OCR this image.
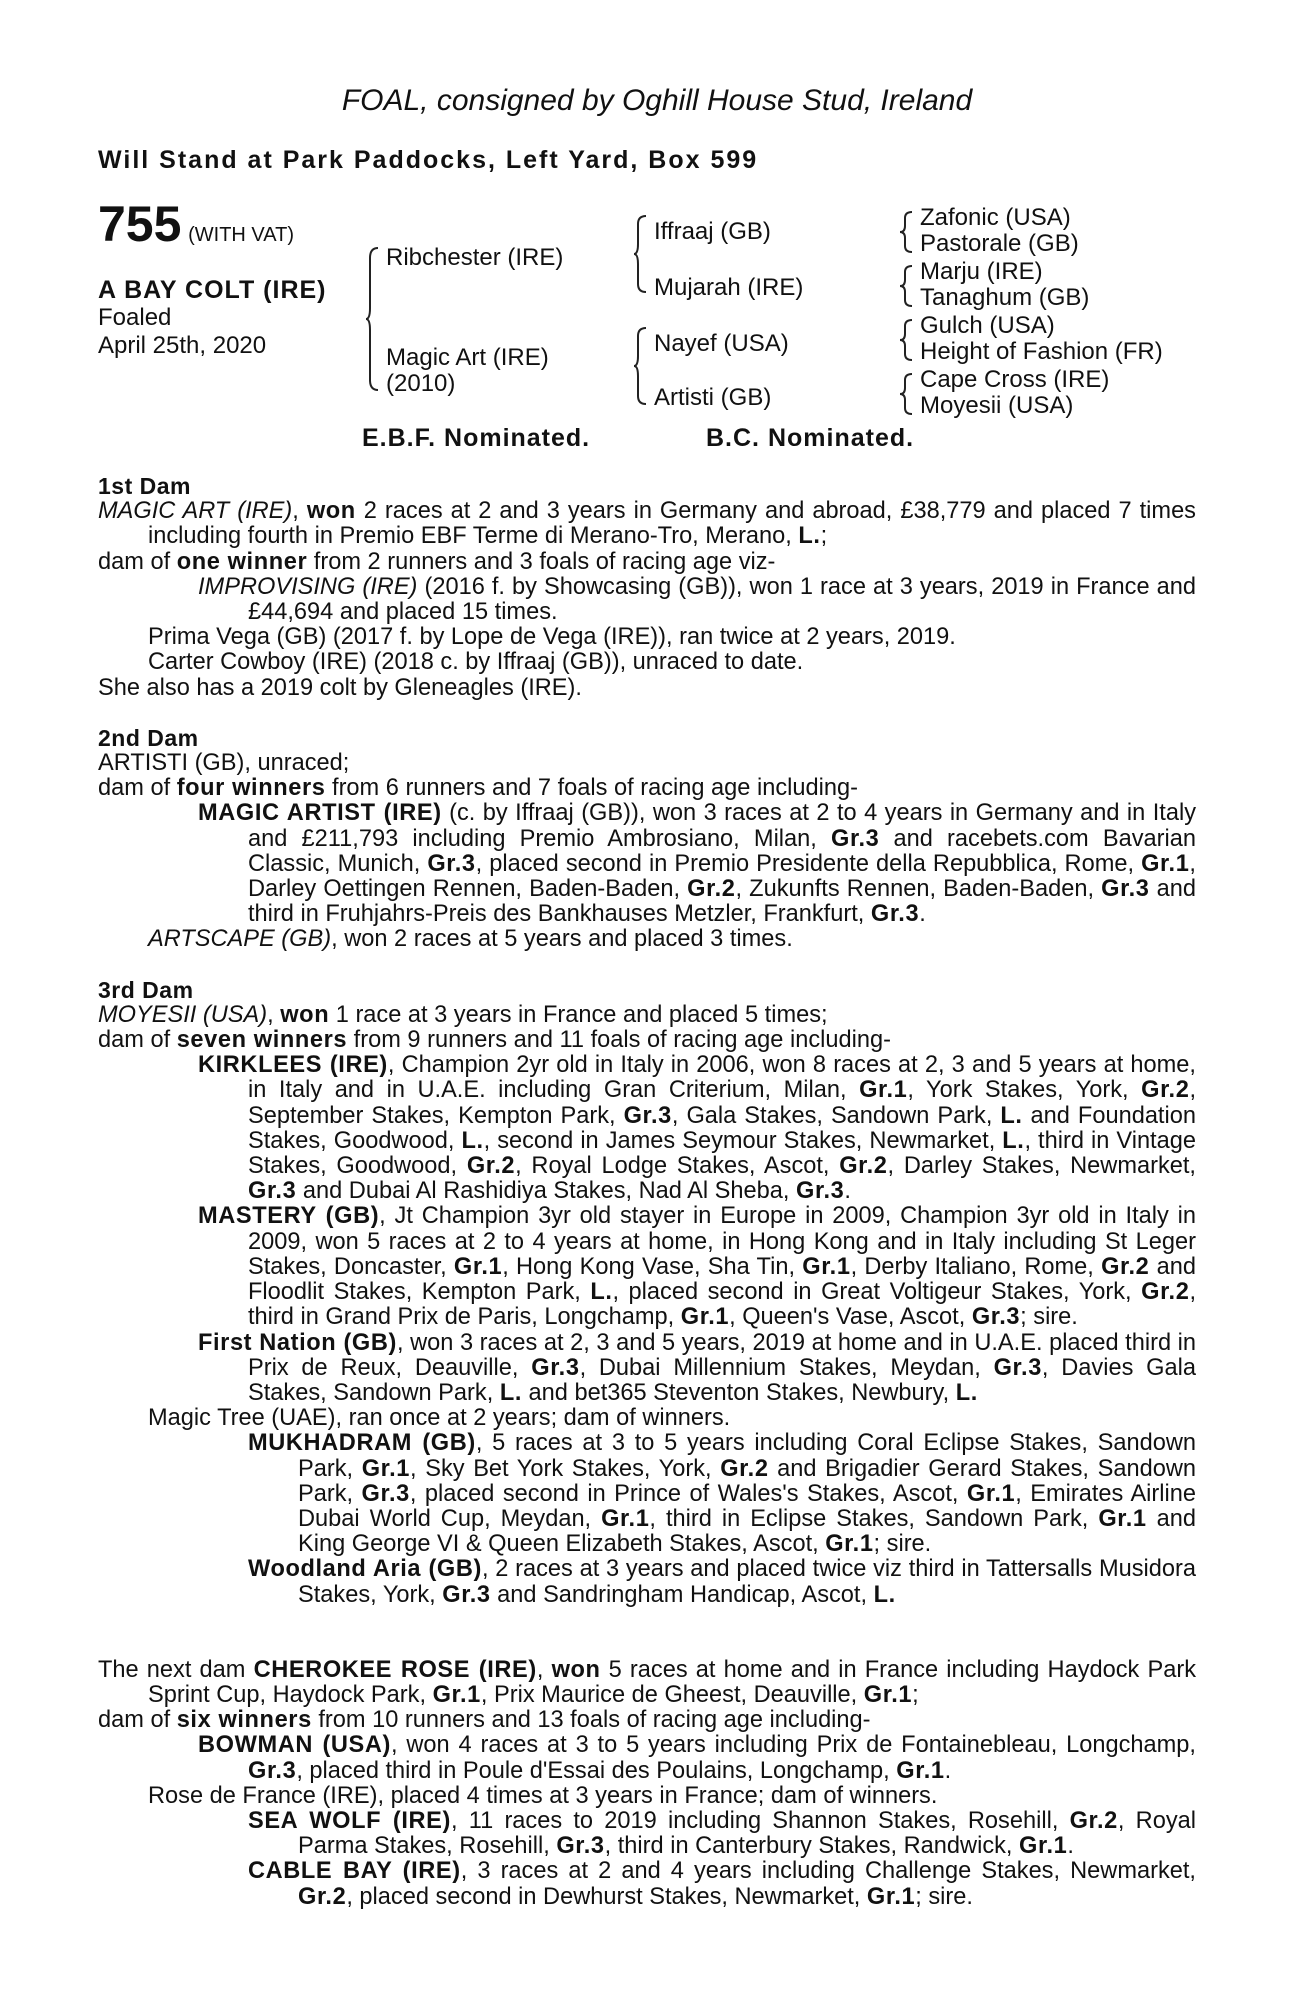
FOAL, consigned by Oghill House Stud, Ireland
Will Stand at Park Paddocks, Left Yard, Box 599
755 (WITH VAT)
A BAY COLT (IRE)
Foaled
April 25th, 2020
Ribchester (IRE)
Magic Art (IRE)
(2010)
Iffraaj (GB)
Mujarah (IRE)
Nayef (USA)
Artisti (GB)
Zafonic (USA)
Pastorale (GB)
Marju (IRE)
Tanaghum (GB)
Gulch (USA)
Height of Fashion (FR)
Cape Cross (IRE)
Moyesii (USA)
E.B.F. Nominated.	B.C. Nominated.
1st Dam
MAGIC ART (IRE), won 2 races at 2 and 3 years in Germany and abroad, £38,779 and placed 7 times including fourth in Premio EBF Terme di Merano-Tro, Merano, L.;
dam of one winner from 2 runners and 3 foals of racing age viz-
IMPROVISING (IRE) (2016 f. by Showcasing (GB)), won 1 race at 3 years, 2019 in France and £44,694 and placed 15 times.
Prima Vega (GB) (2017 f. by Lope de Vega (IRE)), ran twice at 2 years, 2019.
Carter Cowboy (IRE) (2018 c. by Iffraaj (GB)), unraced to date.
She also has a 2019 colt by Gleneagles (IRE).
2nd Dam
ARTISTI (GB), unraced;
dam of four winners from 6 runners and 7 foals of racing age including-
MAGIC ARTIST (IRE) (c. by Iffraaj (GB)), won 3 races at 2 to 4 years in Germany and in Italy and £211,793 including Premio Ambrosiano, Milan, Gr.3 and racebets.com Bavarian Classic, Munich, Gr.3, placed second in Premio Presidente della Repubblica, Rome, Gr.1, Darley Oettingen Rennen, Baden-Baden, Gr.2, Zukunfts Rennen, Baden-Baden, Gr.3 and third in Fruhjahrs-Preis des Bankhauses Metzler, Frankfurt, Gr.3.
ARTSCAPE (GB), won 2 races at 5 years and placed 3 times.
3rd Dam
MOYESII (USA), won 1 race at 3 years in France and placed 5 times;
dam of seven winners from 9 runners and 11 foals of racing age including-
KIRKLEES (IRE), Champion 2yr old in Italy in 2006, won 8 races at 2, 3 and 5 years at home, in Italy and in U.A.E. including Gran Criterium, Milan, Gr.1, York Stakes, York, Gr.2, September Stakes, Kempton Park, Gr.3, Gala Stakes, Sandown Park, L. and Foundation Stakes, Goodwood, L., second in James Seymour Stakes, Newmarket, L., third in Vintage Stakes, Goodwood, Gr.2, Royal Lodge Stakes, Ascot, Gr.2, Darley Stakes, Newmarket, Gr.3 and Dubai Al Rashidiya Stakes, Nad Al Sheba, Gr.3.
MASTERY (GB), Jt Champion 3yr old stayer in Europe in 2009, Champion 3yr old in Italy in 2009, won 5 races at 2 to 4 years at home, in Hong Kong and in Italy including St Leger Stakes, Doncaster, Gr.1, Hong Kong Vase, Sha Tin, Gr.1, Derby Italiano, Rome, Gr.2 and Floodlit Stakes, Kempton Park, L., placed second in Great Voltigeur Stakes, York, Gr.2, third in Grand Prix de Paris, Longchamp, Gr.1, Queen's Vase, Ascot, Gr.3; sire.
First Nation (GB), won 3 races at 2, 3 and 5 years, 2019 at home and in U.A.E. placed third in Prix de Reux, Deauville, Gr.3, Dubai Millennium Stakes, Meydan, Gr.3, Davies Gala Stakes, Sandown Park, L. and bet365 Steventon Stakes, Newbury, L.
Magic Tree (UAE), ran once at 2 years; dam of winners.
MUKHADRAM (GB), 5 races at 3 to 5 years including Coral Eclipse Stakes, Sandown Park, Gr.1, Sky Bet York Stakes, York, Gr.2 and Brigadier Gerard Stakes, Sandown Park, Gr.3, placed second in Prince of Wales's Stakes, Ascot, Gr.1, Emirates Airline Dubai World Cup, Meydan, Gr.1, third in Eclipse Stakes, Sandown Park, Gr.1 and King George VI & Queen Elizabeth Stakes, Ascot, Gr.1; sire.
Woodland Aria (GB), 2 races at 3 years and placed twice viz third in Tattersalls Musidora Stakes, York, Gr.3 and Sandringham Handicap, Ascot, L.
The next dam CHEROKEE ROSE (IRE), won 5 races at home and in France including Haydock Park Sprint Cup, Haydock Park, Gr.1, Prix Maurice de Gheest, Deauville, Gr.1;
dam of six winners from 10 runners and 13 foals of racing age including-
BOWMAN (USA), won 4 races at 3 to 5 years including Prix de Fontainebleau, Longchamp, Gr.3, placed third in Poule d'Essai des Poulains, Longchamp, Gr.1.
Rose de France (IRE), placed 4 times at 3 years in France; dam of winners.
SEA WOLF (IRE), 11 races to 2019 including Shannon Stakes, Rosehill, Gr.2, Royal Parma Stakes, Rosehill, Gr.3, third in Canterbury Stakes, Randwick, Gr.1.
CABLE BAY (IRE), 3 races at 2 and 4 years including Challenge Stakes, Newmarket, Gr.2, placed second in Dewhurst Stakes, Newmarket, Gr.1; sire.
